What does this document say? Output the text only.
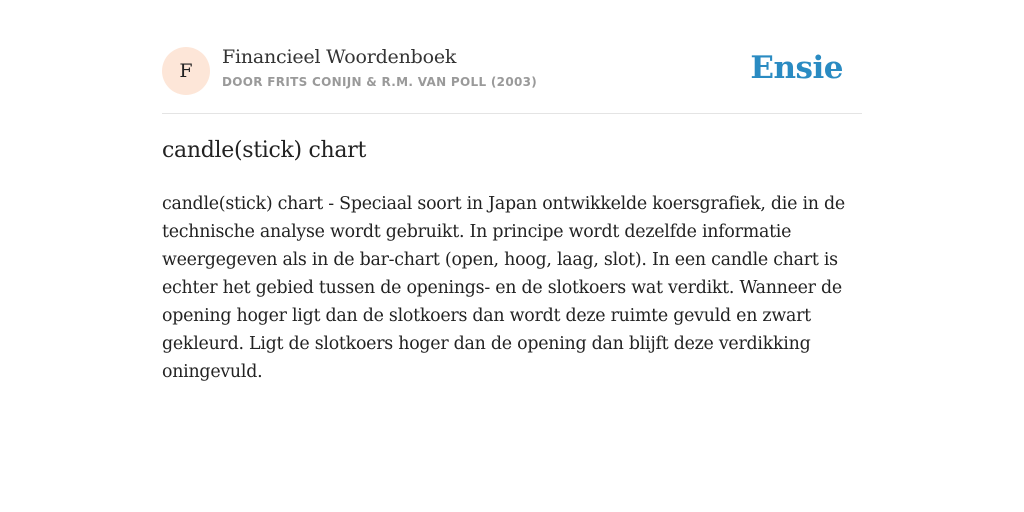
F
Financieel Woordenboek
DOOR FRITS CONIJN & R.M. VAN POLL (2003)	Ensie
candle(stick) chart

candle(stick) chart - Speciaal soort in Japan ontwikkelde koersgrafiek, die in de technische analyse wordt gebruikt. In principe wordt dezelfde informatie weergegeven als in de bar-chart (open, hoog, laag, slot). In een candle chart is echter het gebied tussen de openings- en de slotkoers wat verdikt. Wanneer de opening hoger ligt dan de slotkoers dan wordt deze ruimte gevuld en zwart gekleurd. Ligt de slotkoers hoger dan de opening dan blijft deze verdikking oningevuld.
